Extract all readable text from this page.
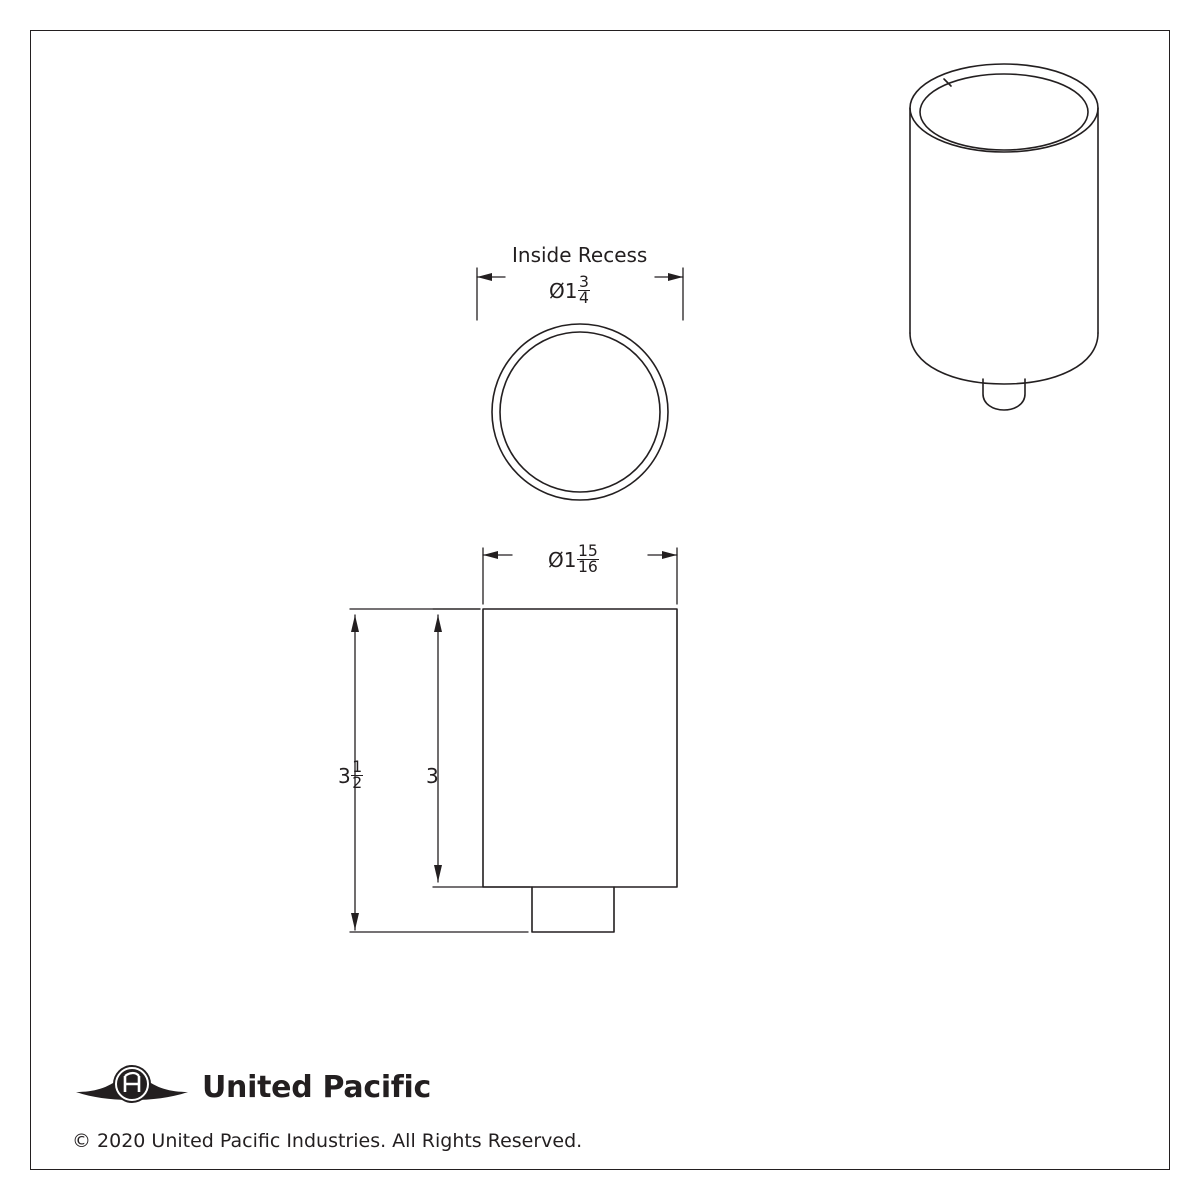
Inside Recess
Ø $1 \frac{3}{4}$
Ø $1 \frac{15}{16}$
$3 \frac{1}{2}$	3
United Pacific
© 2020 United Pacific Industries. All Rights Reserved.
